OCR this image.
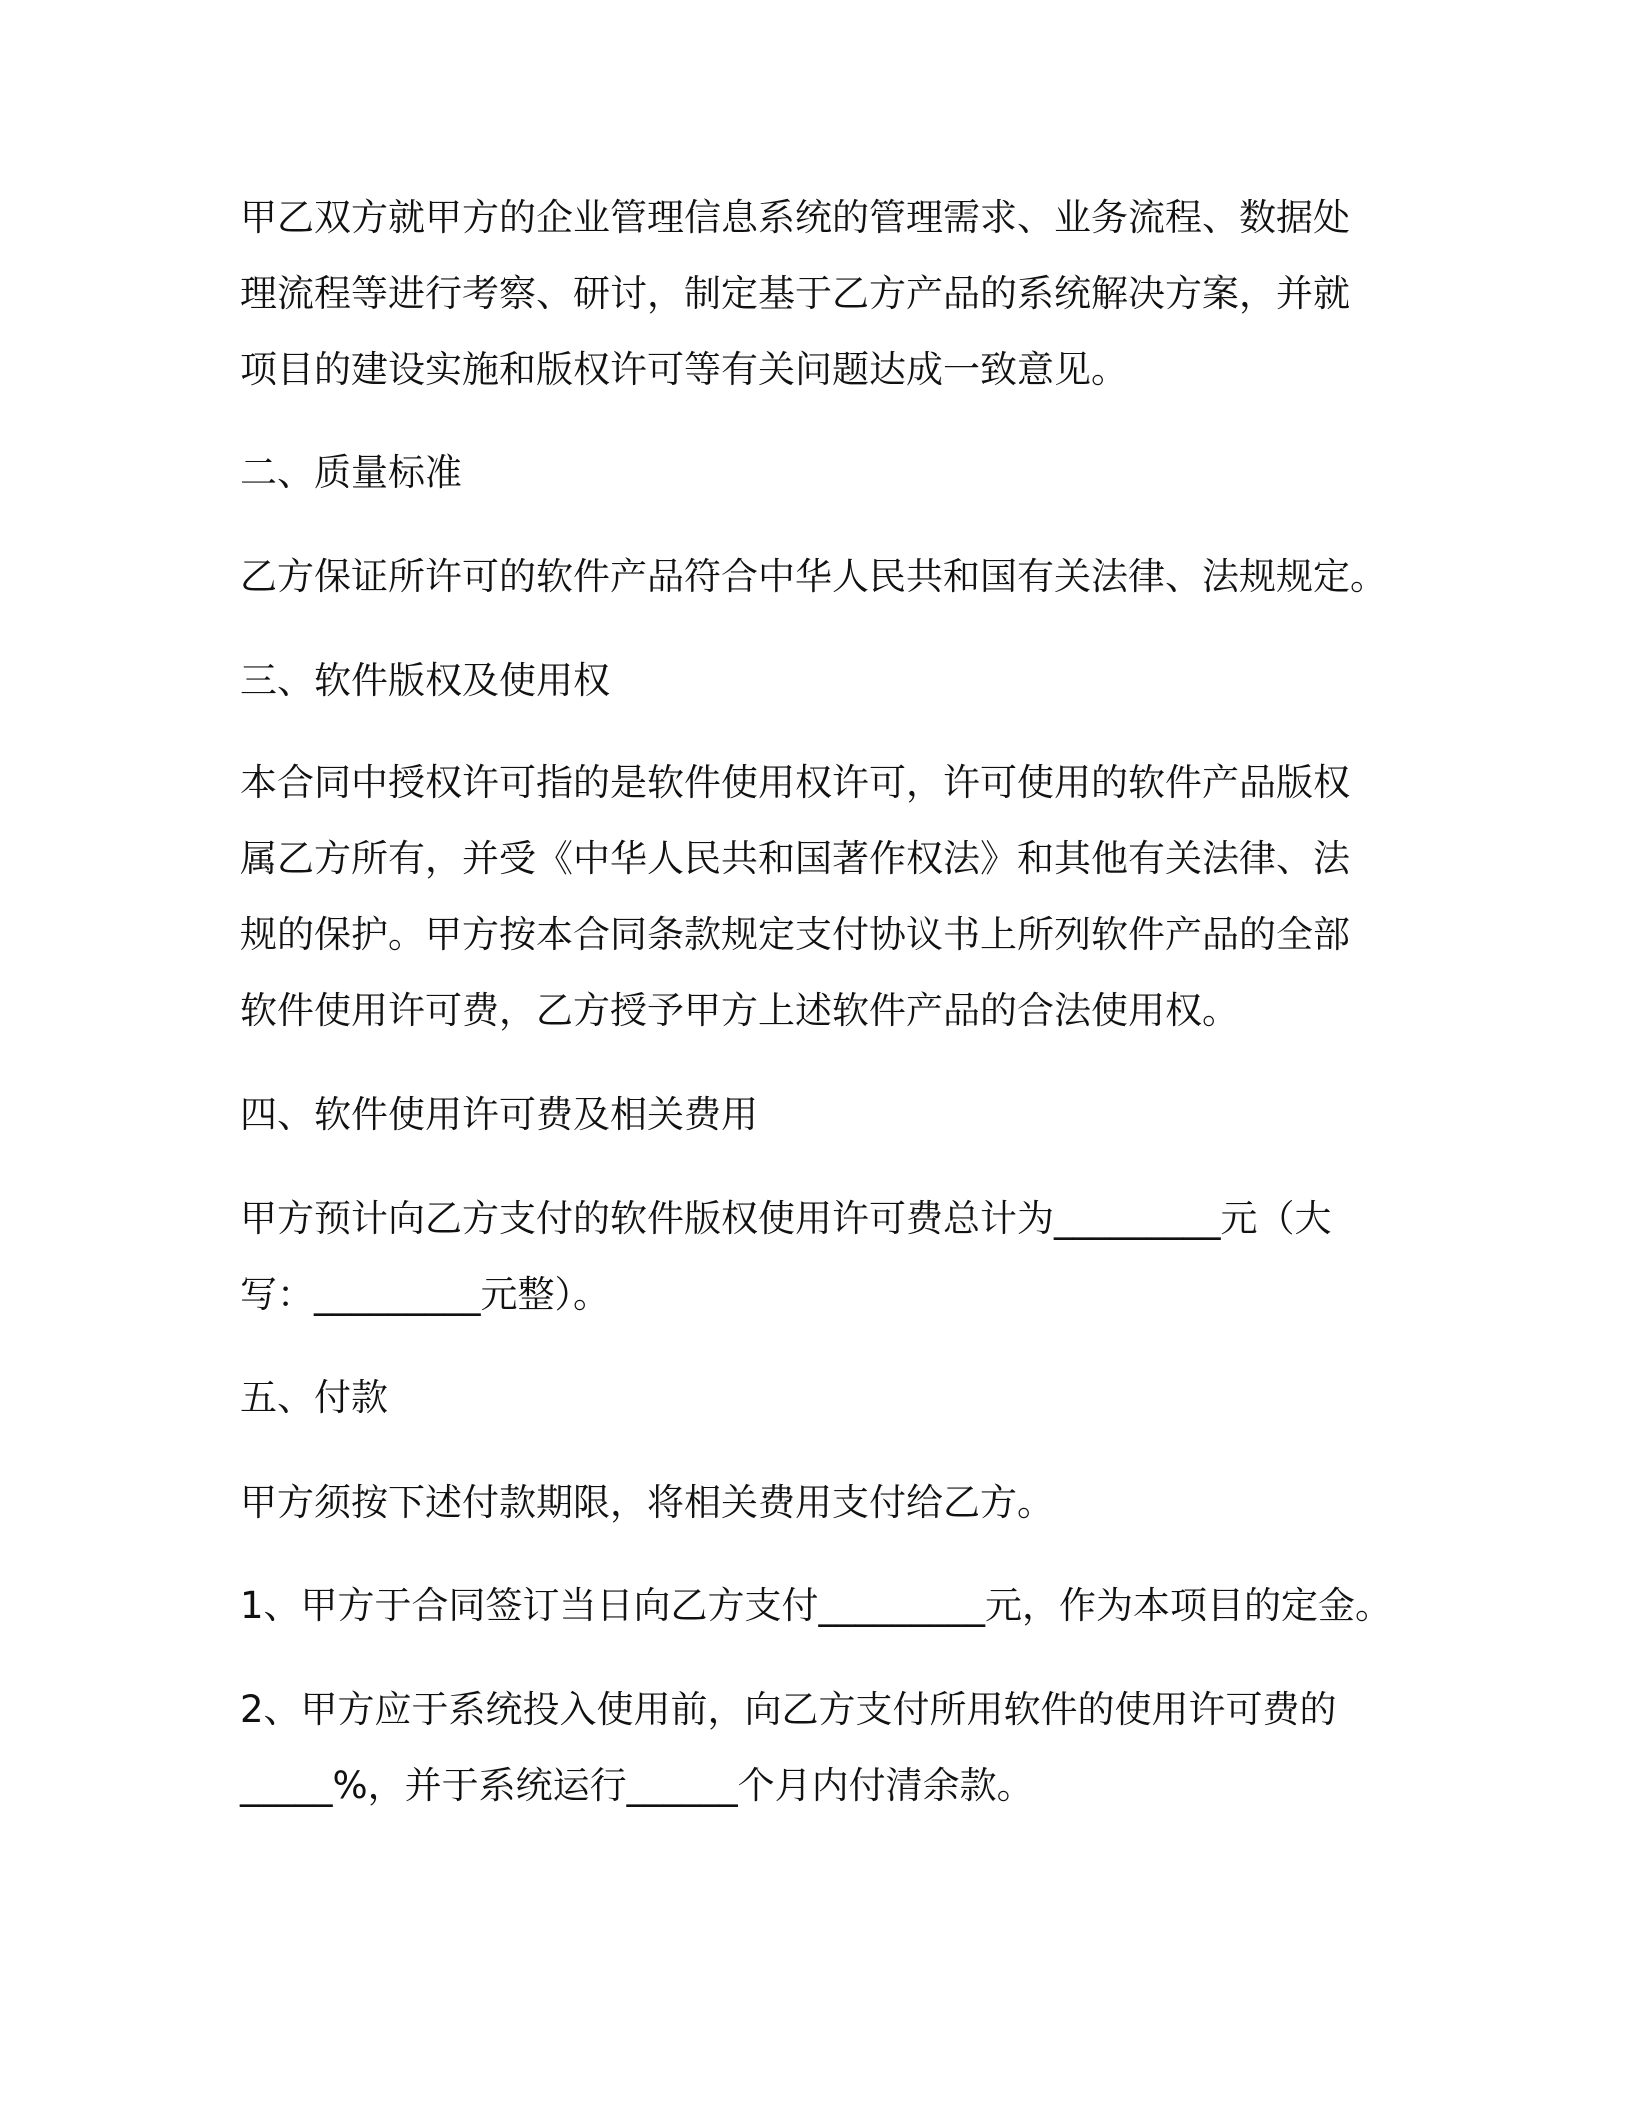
甲乙双方就甲方的企业管理信息系统的管理需求、业务流程、数据处

理流程等进行考察、研讨，制定基于乙方产品的系统解决方案，并就

项目的建设实施和版权许可等有关问题达成一致意见。

二、质量标准

乙方保证所许可的软件产品符合中华人民共和国有关法律、法规规定。

三、软件版权及使用权

本合同中授权许可指的是软件使用权许可，许可使用的软件产品版权

属乙方所有，并受《中华人民共和国著作权法》和其他有关法律、法

规的保护。甲方按本合同条款规定支付协议书上所列软件产品的全部

软件使用许可费，乙方授予甲方上述软件产品的合法使用权。

四、软件使用许可费及相关费用

甲方预计向乙方支付的软件版权使用许可费总计为_________元（大

写：_________元整）。

五、付款

甲方须按下述付款期限，将相关费用支付给乙方。

1、甲方于合同签订当日向乙方支付_________元，作为本项目的定金。

2、甲方应于系统投入使用前，向乙方支付所用软件的使用许可费的

_____%，并于系统运行______个月内付清余款。
